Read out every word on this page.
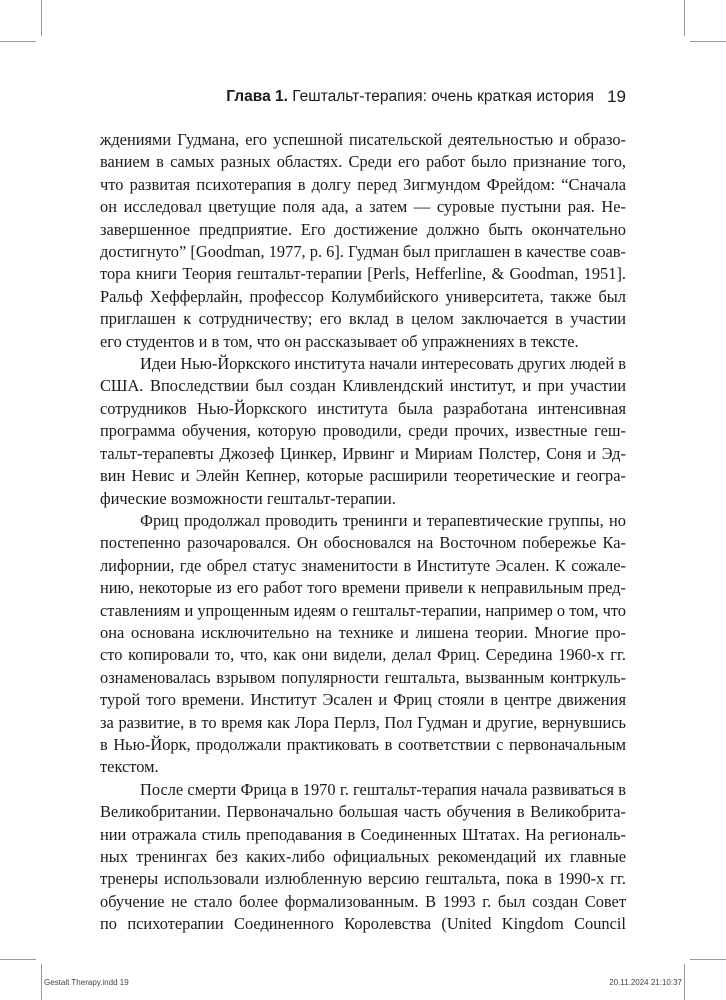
Глава 1. Гештальт-терапия: очень краткая история 19

ждениями Гудмана, его успешной писательской деятельностью и образо-
ванием в самых разных областях. Среди его работ было признание того,
что развитая психотерапия в долгу перед Зигмундом Фрейдом: “Сначала
он исследовал цветущие поля ада, а затем — суровые пустыни рая. Не-
завершенное предприятие. Его достижение должно быть окончательно
достигнуто” [Goodman, 1977, p. 6]. Гудман был приглашен в качестве соав-
тора книги Теория гештальт-терапии [Perls, Hefferline, & Goodman, 1951].
Ральф Хефферлайн, профессор Колумбийского университета, также был
приглашен к сотрудничеству; его вклад в целом заключается в участии
его студентов и в том, что он рассказывает об упражнениях в тексте.

Идеи Нью-Йоркского института начали интересовать других людей в
США. Впоследствии был создан Кливлендский институт, и при участии
сотрудников Нью-Йоркского института была разработана интенсивная
программа обучения, которую проводили, среди прочих, известные геш-
тальт-терапевты Джозеф Цинкер, Ирвинг и Мириам Полстер, Соня и Эд-
вин Невис и Элейн Кепнер, которые расширили теоретические и геогра-
фические возможности гештальт-терапии.

Фриц продолжал проводить тренинги и терапевтические группы, но
постепенно разочаровался. Он обосновался на Восточном побережье Ка-
лифорнии, где обрел статус знаменитости в Институте Эсален. К сожале-
нию, некоторые из его работ того времени привели к неправильным пред-
ставлениям и упрощенным идеям о гештальт-терапии, например о том, что
она основана исключительно на технике и лишена теории. Многие про-
сто копировали то, что, как они видели, делал Фриц. Середина 1960-х гг.
ознаменовалась взрывом популярности гештальта, вызванным контркуль-
турой того времени. Институт Эсален и Фриц стояли в центре движения
за развитие, в то время как Лора Перлз, Пол Гудман и другие, вернувшись
в Нью-Йорк, продолжали практиковать в соответствии с первоначальным
текстом.

После смерти Фрица в 1970 г. гештальт-терапия начала развиваться в
Великобритании. Первоначально большая часть обучения в Великобрита-
нии отражала стиль преподавания в Соединенных Штатах. На региональ-
ных тренингах без каких-либо официальных рекомендаций их главные
тренеры использовали излюбленную версию гештальта, пока в 1990-х гг.
обучение не стало более формализованным. В 1993 г. был создан Совет
по психотерапии Соединенного Королевства (United Kingdom Council

Gestalt Therapy.indd 19	20.11.2024 21:10:37
